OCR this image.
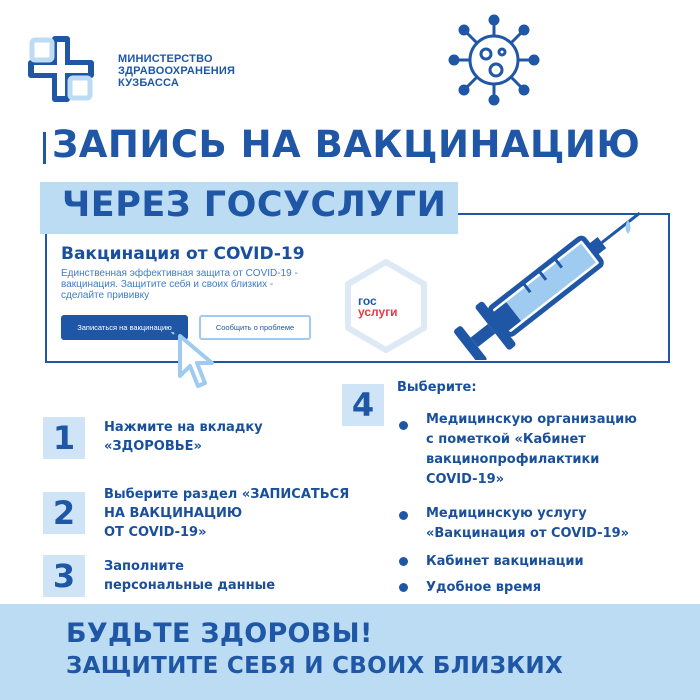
МИНИСТЕРСТВО
ЗДРАВООХРАНЕНИЯ
КУЗБАССА
ЗАПИСЬ НА ВАКЦИНАЦИЮ
ЧЕРЕЗ ГОСУСЛУГИ
Вакцинация от COVID-19
Единственная эффективная защита от COVID-19 - вакцинация. Защитите себя и своих близких - сделайте прививку
Записаться на вакцинацию	Сообщить о проблеме
гос
услуги
1	Нажмите на вкладку
«ЗДОРОВЬЕ»
2	Выберите раздел «ЗАПИСАТЬСЯ
НА ВАКЦИНАЦИЮ
ОТ COVID-19»
3	Заполните
персональные данные
4	Выберите:
Медицинскую организацию
с пометкой «Кабинет
вакцинопрофилактики
COVID-19»
Медицинскую услугу
«Вакцинация от COVID-19»
Кабинет вакцинации
Удобное время
БУДЬТЕ ЗДОРОВЫ!
ЗАЩИТИТЕ СЕБЯ И СВОИХ БЛИЗКИХ
